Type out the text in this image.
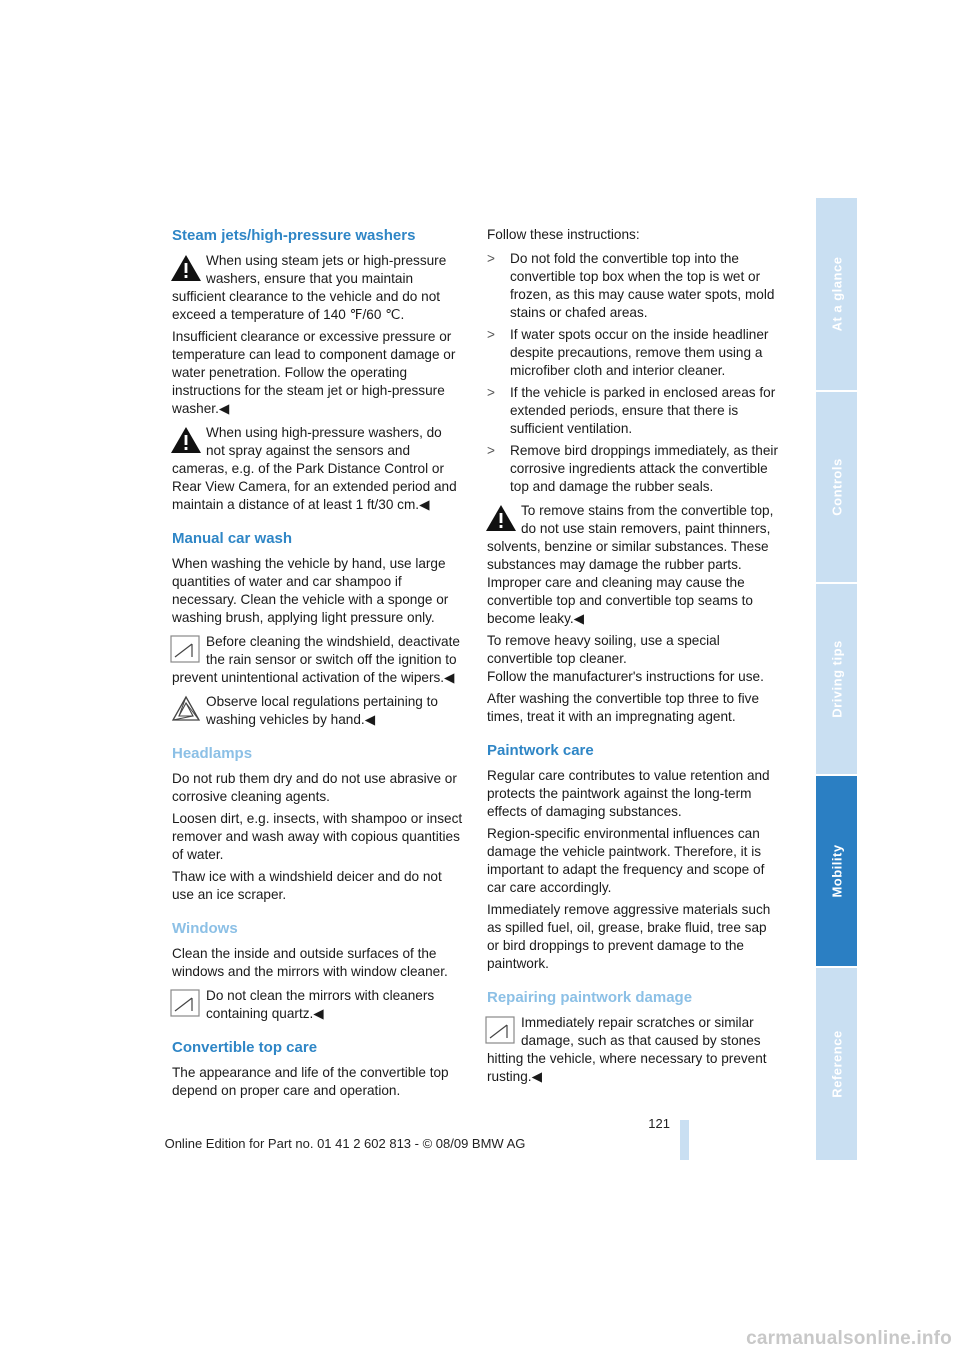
Steam jets/high-pressure washers
When using steam jets or high-pressure washers, ensure that you maintain sufficient clearance to the vehicle and do not exceed a temperature of 140 ℉/60 ℃.

Insufficient clearance or excessive pressure or temperature can lead to component damage or water penetration. Follow the operating instructions for the steam jet or high-pressure washer.◀

When using high-pressure washers, do not spray against the sensors and cameras, e.g. of the Park Distance Control or Rear View Camera, for an extended period and maintain a distance of at least 1 ft/30 cm.◀
Manual car wash

When washing the vehicle by hand, use large quantities of water and car shampoo if necessary. Clean the vehicle with a sponge or washing brush, applying light pressure only.

Before cleaning the windshield, deactivate the rain sensor or switch off the ignition to prevent unintentional activation of the wipers.◀
Observe local regulations pertaining to washing vehicles by hand.◀
Headlamps

Do not rub them dry and do not use abrasive or corrosive cleaning agents.

Loosen dirt, e.g. insects, with shampoo or insect remover and wash away with copious quantities of water.

Thaw ice with a windshield deicer and do not use an ice scraper.

Windows

Clean the inside and outside surfaces of the windows and the mirrors with window cleaner.

Do not clean the mirrors with cleaners containing quartz.◀
Convertible top care

The appearance and life of the convertible top depend on proper care and operation.

Follow these instructions:

> Do not fold the convertible top into the convertible top box when the top is wet or frozen, as this may cause water spots, mold stains or chafed areas.
> If water spots occur on the inside headliner despite precautions, remove them using a microfiber cloth and interior cleaner.
> If the vehicle is parked in enclosed areas for extended periods, ensure that there is sufficient ventilation.
> Remove bird droppings immediately, as their corrosive ingredients attack the convertible top and damage the rubber seals.
To remove stains from the convertible top, do not use stain removers, paint thinners, solvents, benzine or similar substances. These substances may damage the rubber parts. Improper care and cleaning may cause the convertible top and convertible top seams to become leaky.◀

To remove heavy soiling, use a special convertible top cleaner.

Follow the manufacturer's instructions for use.

After washing the convertible top three to five times, treat it with an impregnating agent.

Paintwork care

Regular care contributes to value retention and protects the paintwork against the long-term effects of damaging substances.

Region-specific environmental influences can damage the vehicle paintwork. Therefore, it is important to adapt the frequency and scope of car care accordingly.

Immediately remove aggressive materials such as spilled fuel, oil, grease, brake fluid, tree sap or bird droppings to prevent damage to the paintwork.

Repairing paintwork damage
Immediately repair scratches or similar damage, such as that caused by stones hitting the vehicle, where necessary to prevent rusting.◀
At a glance
Controls
Driving tips
Mobility
Reference
121
Online Edition for Part no. 01 41 2 602 813 - © 08/09 BMW AG
carmanualsonline.info
